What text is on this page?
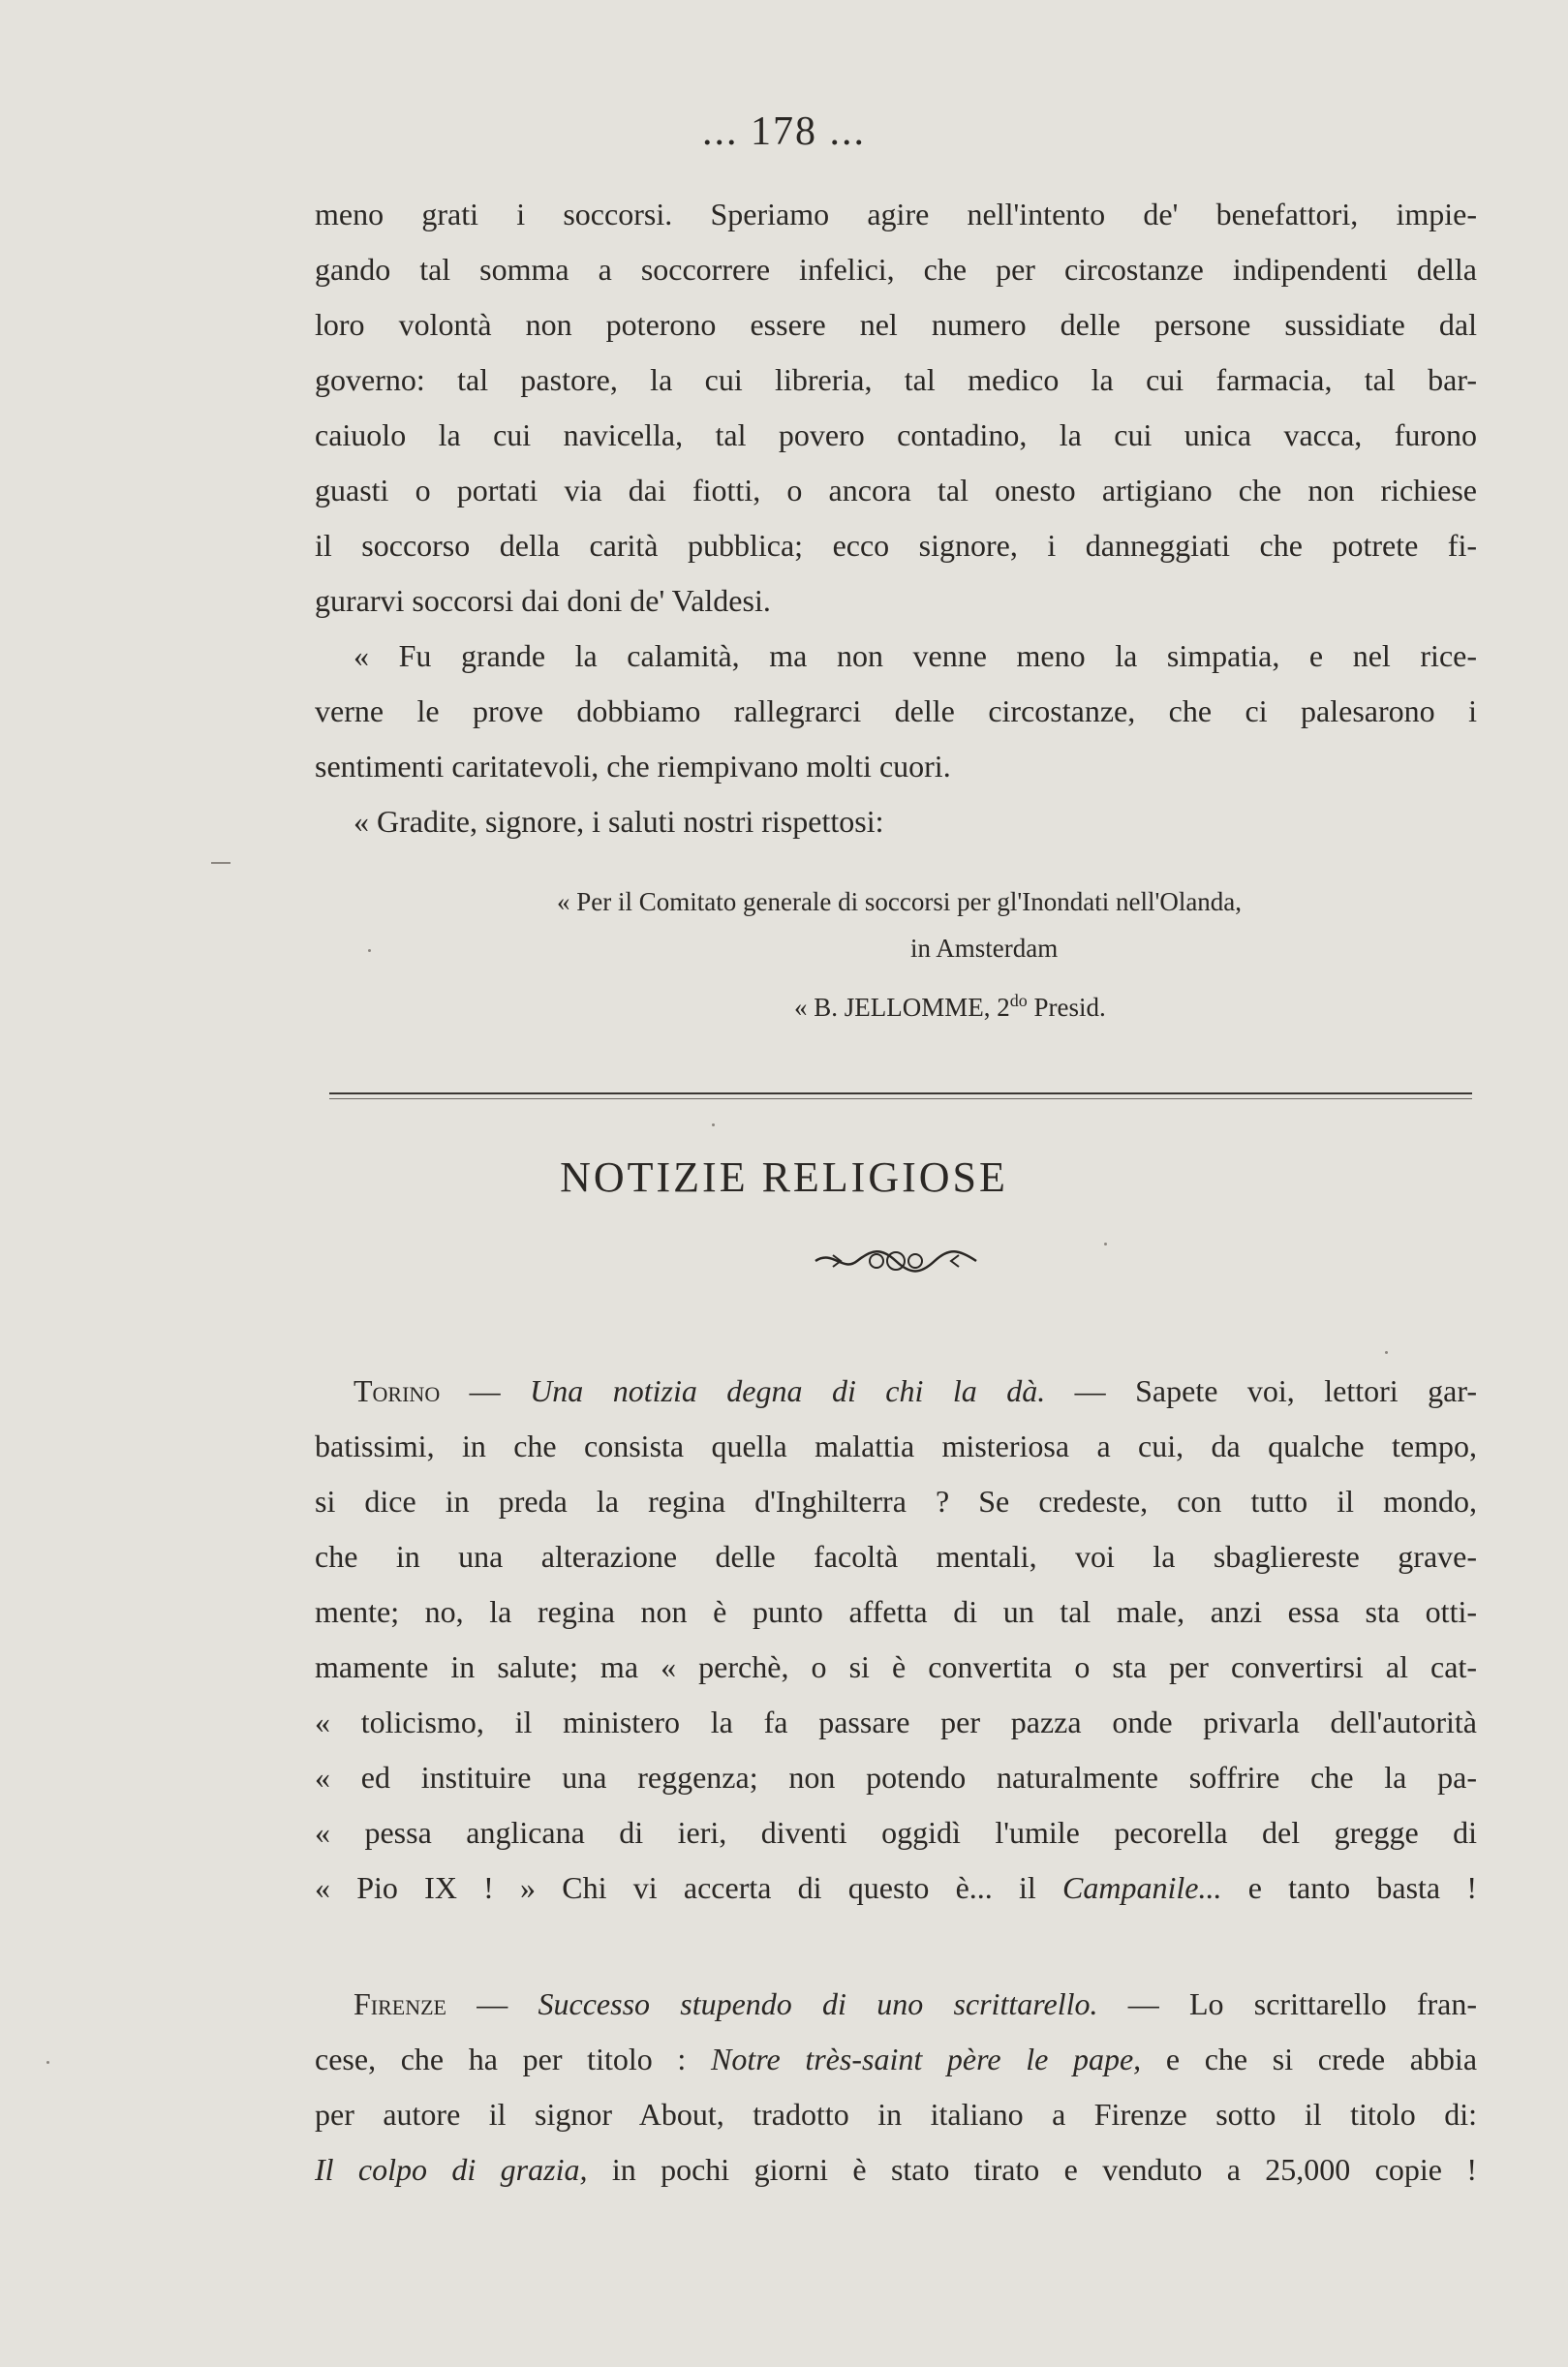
... 178 ...
meno grati i soccorsi. Speriamo agire nell'intento de' benefattori, impie-
gando tal somma a soccorrere infelici, che per circostanze indipendenti della
loro volontà non poterono essere nel numero delle persone sussidiate dal
governo: tal pastore, la cui libreria, tal medico la cui farmacia, tal bar-
caiuolo la cui navicella, tal povero contadino, la cui unica vacca, furono
guasti o portati via dai fiotti, o ancora tal onesto artigiano che non richiese
il soccorso della carità pubblica; ecco signore, i danneggiati che potrete fi-
gurarvi soccorsi dai doni de' Valdesi.
« Fu grande la calamità, ma non venne meno la simpatia, e nel rice-
verne le prove dobbiamo rallegrarci delle circostanze, che ci palesarono i
sentimenti caritatevoli, che riempivano molti cuori.
« Gradite, signore, i saluti nostri rispettosi:
« Per il Comitato generale di soccorsi per gl'Inondati nell'Olanda,
in Amsterdam
« B. JELLOMME, $2^{do}$ Presid.
NOTIZIE RELIGIOSE
Torino — Una notizia degna di chi la dà. — Sapete voi, lettori gar-
batissimi, in che consista quella malattia misteriosa a cui, da qualche tempo,
si dice in preda la regina d'Inghilterra ? Se credeste, con tutto il mondo,
che in una alterazione delle facoltà mentali, voi la sbagliereste grave-
mente; no, la regina non è punto affetta di un tal male, anzi essa sta otti-
mamente in salute; ma « perchè, o si è convertita o sta per convertirsi al cat-
« tolicismo, il ministero la fa passare per pazza onde privarla dell'autorità
« ed instituire una reggenza; non potendo naturalmente soffrire che la pa-
« pessa anglicana di ieri, diventi oggidì l'umile pecorella del gregge di
« Pio IX ! » Chi vi accerta di questo è... il Campanile... e tanto basta !
Firenze — Successo stupendo di uno scrittarello. — Lo scrittarello fran-
cese, che ha per titolo : Notre très-saint père le pape, e che si crede abbia
per autore il signor About, tradotto in italiano a Firenze sotto il titolo di:
Il colpo di grazia, in pochi giorni è stato tirato e venduto a 25,000 copie !
